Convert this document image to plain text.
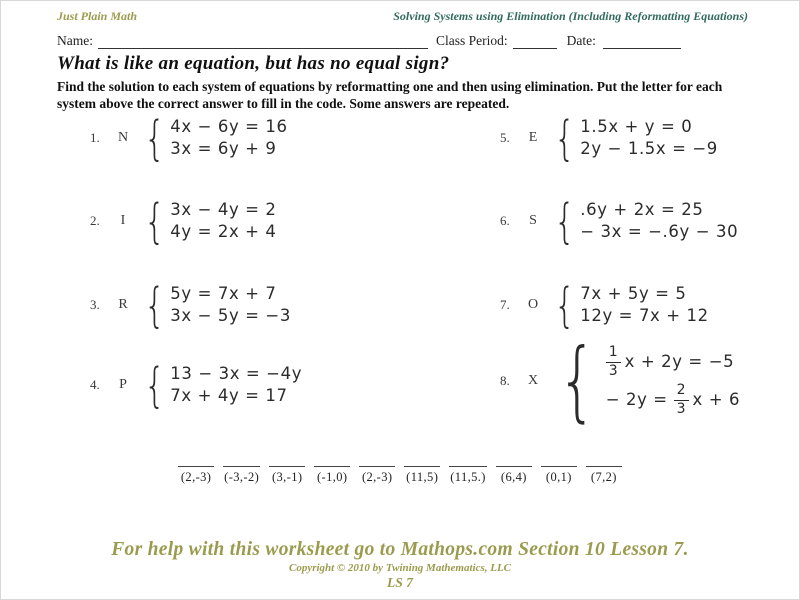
Just Plain Math	Solving Systems using Elimination (Including Reformatting Equations)
Name:	Class Period:	Date:
What is like an equation, but has no equal sign?
Find the solution to each system of equations by reformatting one and then using elimination. Put the letter for each system above the correct answer to fill in the code. Some answers are repeated.
1.	N { 4x − 6y = 16
3x = 6y + 9
2.	I { 3x − 4y = 2
4y = 2x + 4
3.	R { 5y = 7x + 7
3x − 5y = −3
4.	P { 13 − 3x = −4y
7x + 4y = 17
5.	E { 1.5x + y = 0
2y − 1.5x = −9
6.	S { .6y + 2x = 25
− 3x = −.6y − 30
7.	O { 7x + 5y = 5
12y = 7x + 12
8.	X { $\frac{1}{3}$ x + 2y = −5
− 2y =
$\frac{2}{3}$ x + 6
(2,-3) (-3,-2) (3,-1) (-1,0) (2,-3) (11,5) (11,5.)	(6,4)	(0,1)	(7,2)
For help with this worksheet go to Mathops.com Section 10 Lesson 7.
Copyright © 2010 by Twining Mathematics, LLC
LS 7
